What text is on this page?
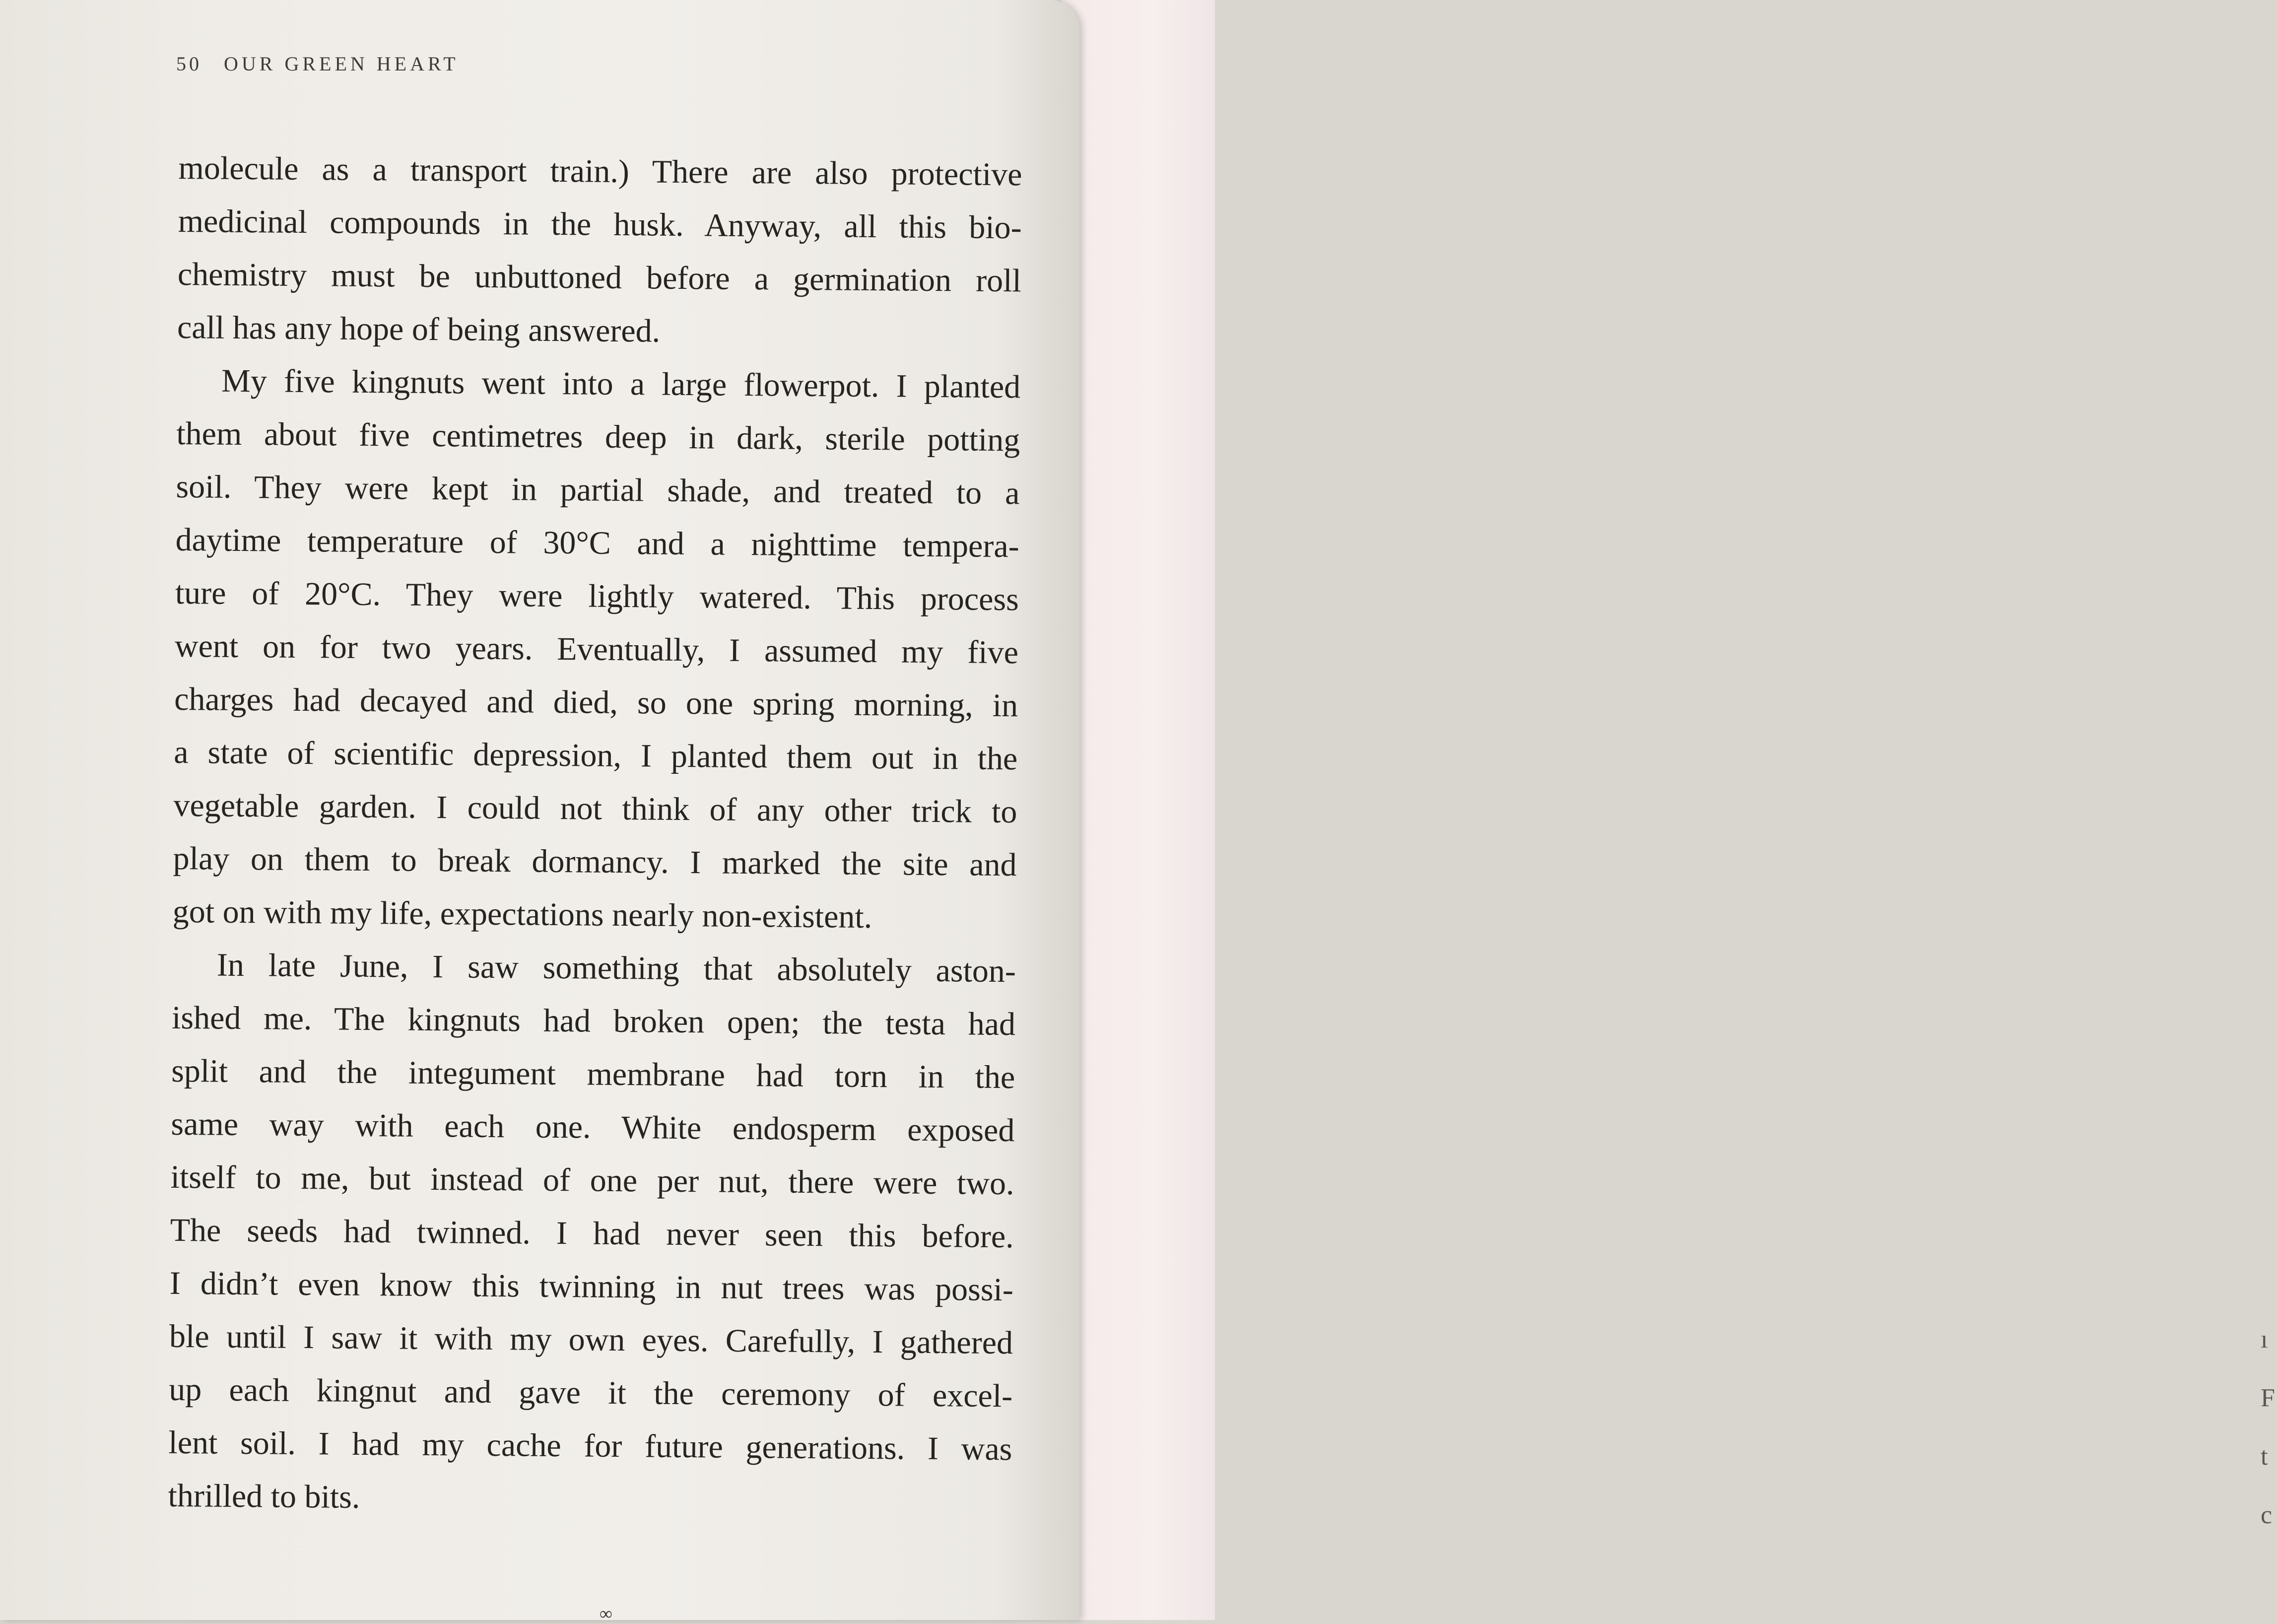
ı
F
t
c
50 OUR GREEN HEART
molecule as a transport train.) There are also protective
medicinal compounds in the husk. Anyway, all this bio-
chemistry must be unbuttoned before a germination roll
call has any hope of being answered.
My five kingnuts went into a large flowerpot. I planted
them about five centimetres deep in dark, sterile potting
soil. They were kept in partial shade, and treated to a
daytime temperature of 30°C and a nighttime tempera-
ture of 20°C. They were lightly watered. This process
went on for two years. Eventually, I assumed my five
charges had decayed and died, so one spring morning, in
a state of scientific depression, I planted them out in the
vegetable garden. I could not think of any other trick to
play on them to break dormancy. I marked the site and
got on with my life, expectations nearly non-existent.
In late June, I saw something that absolutely aston-
ished me. The kingnuts had broken open; the testa had
split and the integument membrane had torn in the
same way with each one. White endosperm exposed
itself to me, but instead of one per nut, there were two.
The seeds had twinned. I had never seen this before.
I didn’t even know this twinning in nut trees was possi-
ble until I saw it with my own eyes. Carefully, I gathered
up each kingnut and gave it the ceremony of excel-
lent soil. I had my cache for future generations. I was
thrilled to bits.
∞
